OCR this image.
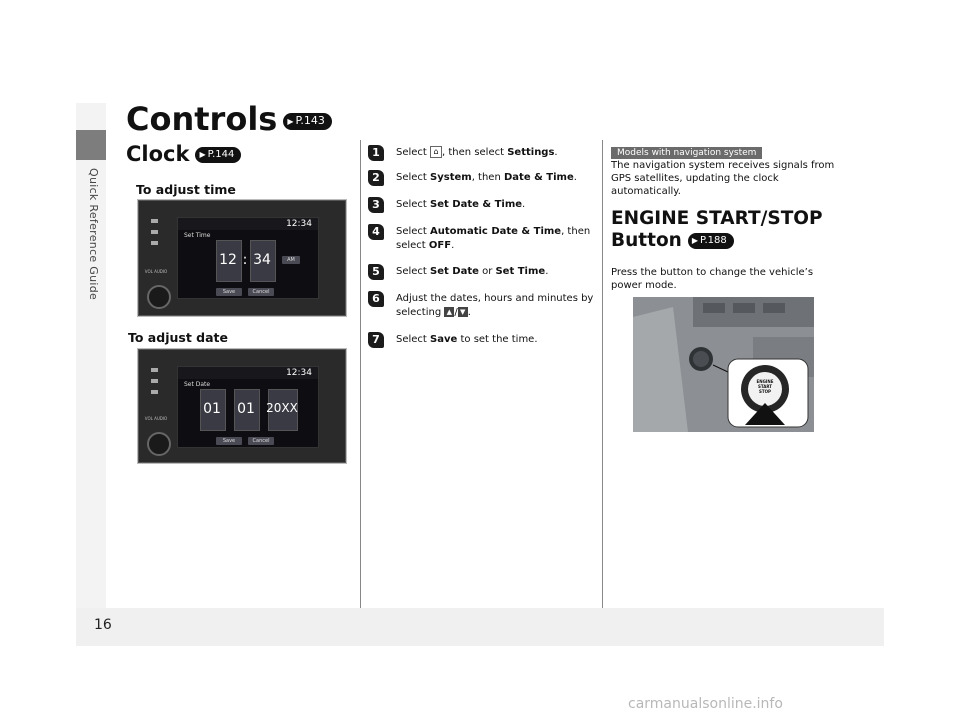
Quick Reference Guide
16
Controls ▶ P.143
Clock ▶ P.144
To adjust time
VOL AUDIO
12:34
Set Time
12 : 34	AM
Save	Cancel
To adjust date
VOL AUDIO
12:34
Set Date
01 01 20XX
Save	Cancel
1	Select ⌂ , then select Settings.
2	Select System, then Date & Time.
3	Select Set Date & Time.
4	Select Automatic Date & Time, then select OFF.
5	Select Set Date or Set Time.
6	Adjust the dates, hours and minutes by selecting ▲ / ▼ .
7	Select Save to set the time.
Models with navigation system
The navigation system receives signals from GPS satellites, updating the clock automatically.
ENGINE START/STOP
Button ▶ P.188
Press the button to change the vehicle’s power mode.
ENGINE START STOP
carmanualsonline.info
